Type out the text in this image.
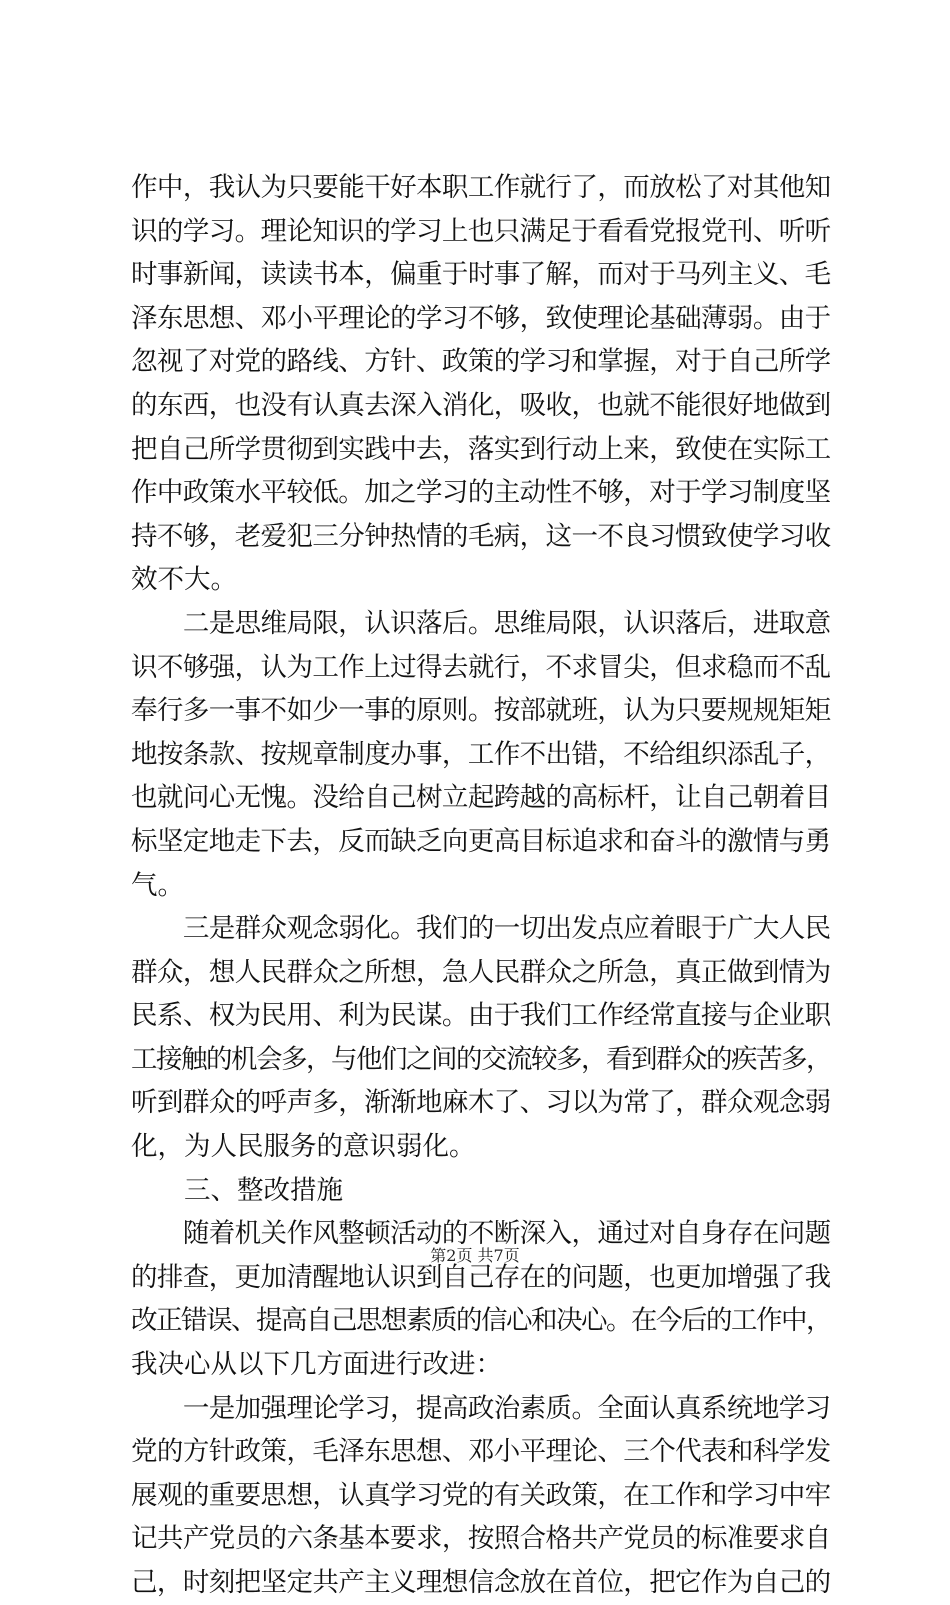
作中，我认为只要能干好本职工作就行了，而放松了对其他知
识的学习。理论知识的学习上也只满足于看看党报党刊、听听
时事新闻，读读书本，偏重于时事了解，而对于马列主义、毛
泽东思想、邓小平理论的学习不够，致使理论基础薄弱。由于
忽视了对党的路线、方针、政策的学习和掌握，对于自己所学
的东西，也没有认真去深入消化，吸收，也就不能很好地做到
把自己所学贯彻到实践中去，落实到行动上来，致使在实际工
作中政策水平较低。加之学习的主动性不够，对于学习制度坚
持不够，老爱犯三分钟热情的毛病，这一不良习惯致使学习收
效不大。
　　二是思维局限，认识落后。思维局限，认识落后，进取意
识不够强，认为工作上过得去就行，不求冒尖，但求稳而不乱
奉行多一事不如少一事的原则。按部就班，认为只要规规矩矩
地按条款、按规章制度办事，工作不出错，不给组织添乱子，
也就问心无愧。没给自己树立起跨越的高标杆，让自己朝着目
标坚定地走下去，反而缺乏向更高目标追求和奋斗的激情与勇
气。
　　三是群众观念弱化。我们的一切出发点应着眼于广大人民
群众，想人民群众之所想，急人民群众之所急，真正做到情为
民系、权为民用、利为民谋。由于我们工作经常直接与企业职
工接触的机会多，与他们之间的交流较多，看到群众的疾苦多，
听到群众的呼声多，渐渐地麻木了、习以为常了，群众观念弱
化，为人民服务的意识弱化。
　　三、整改措施
　　随着机关作风整顿活动的不断深入，通过对自身存在问题
的排查，更加清醒地认识到自己存在的问题，也更加增强了我
改正错误、提高自己思想素质的信心和决心。在今后的工作中，
我决心从以下几方面进行改进：
　　一是加强理论学习，提高政治素质。全面认真系统地学习
党的方针政策，毛泽东思想、邓小平理论、三个代表和科学发
展观的重要思想，认真学习党的有关政策，在工作和学习中牢
记共产党员的六条基本要求，按照合格共产党员的标准要求自
己，时刻把坚定共产主义理想信念放在首位，把它作为自己的
第2页 共7页
